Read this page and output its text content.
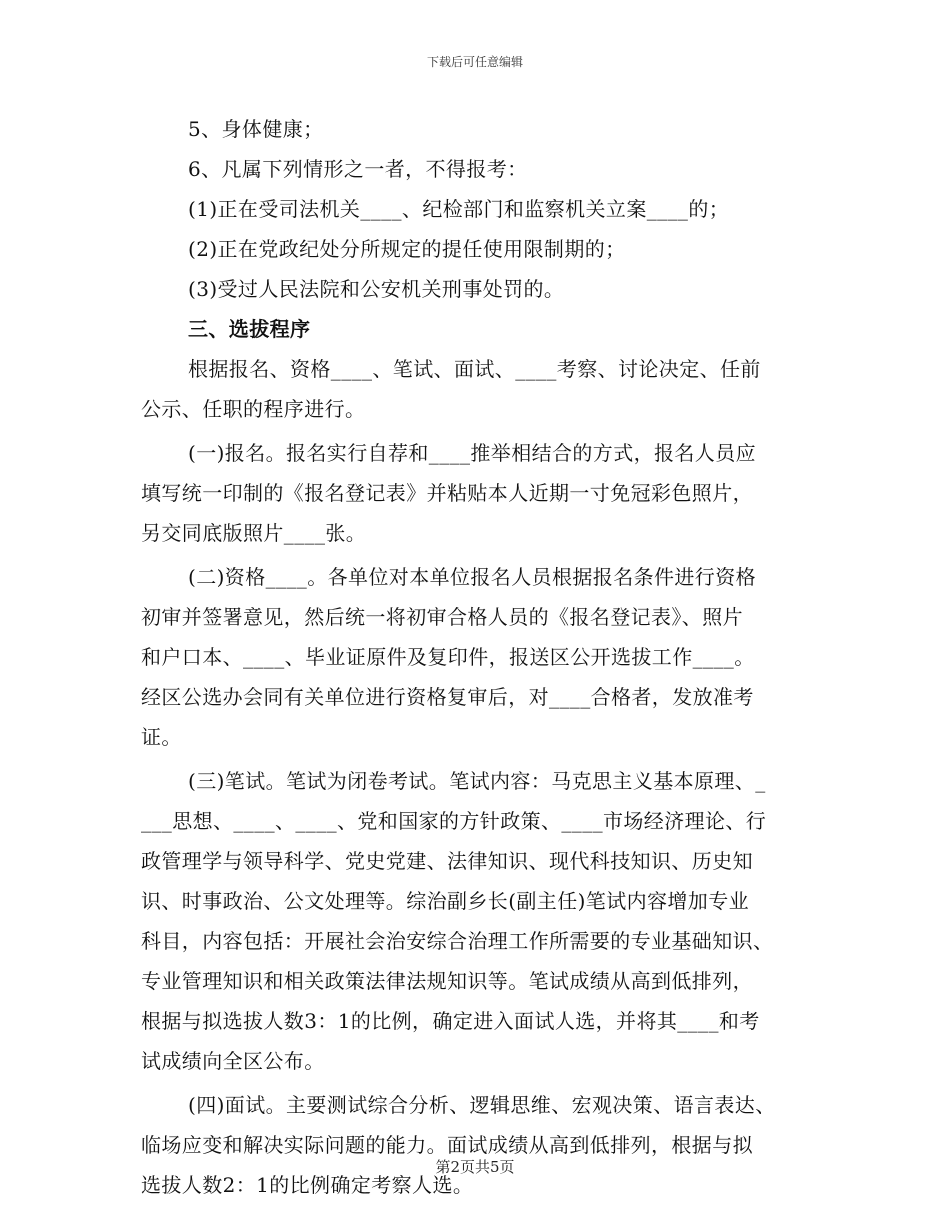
下载后可任意编辑
5、身体健康；
6、凡属下列情形之一者，不得报考：
(1)正在受司法机关____、纪检部门和监察机关立案____的；
(2)正在党政纪处分所规定的提任使用限制期的；
(3)受过人民法院和公安机关刑事处罚的。
三、选拔程序
根据报名、资格____、笔试、面试、____考察、讨论决定、任前
公示、任职的程序进行。
(一)报名。报名实行自荐和____推举相结合的方式，报名人员应
填写统一印制的《报名登记表》并粘贴本人近期一寸免冠彩色照片，
另交同底版照片____张。
(二)资格____。各单位对本单位报名人员根据报名条件进行资格
初审并签署意见，然后统一将初审合格人员的《报名登记表》、照片
和户口本、____、毕业证原件及复印件，报送区公开选拔工作____。
经区公选办会同有关单位进行资格复审后，对____合格者，发放准考
证。
(三)笔试。笔试为闭卷考试。笔试内容：马克思主义基本原理、_
___思想、____、____、党和国家的方针政策、____市场经济理论、行
政管理学与领导科学、党史党建、法律知识、现代科技知识、历史知
识、时事政治、公文处理等。综治副乡长(副主任)笔试内容增加专业
科目，内容包括：开展社会治安综合治理工作所需要的专业基础知识、
专业管理知识和相关政策法律法规知识等。笔试成绩从高到低排列，
根据与拟选拔人数3：1的比例，确定进入面试人选，并将其____和考
试成绩向全区公布。
(四)面试。主要测试综合分析、逻辑思维、宏观决策、语言表达、
临场应变和解决实际问题的能力。面试成绩从高到低排列，根据与拟
选拔人数2：1的比例确定考察人选。
第2页共5页
